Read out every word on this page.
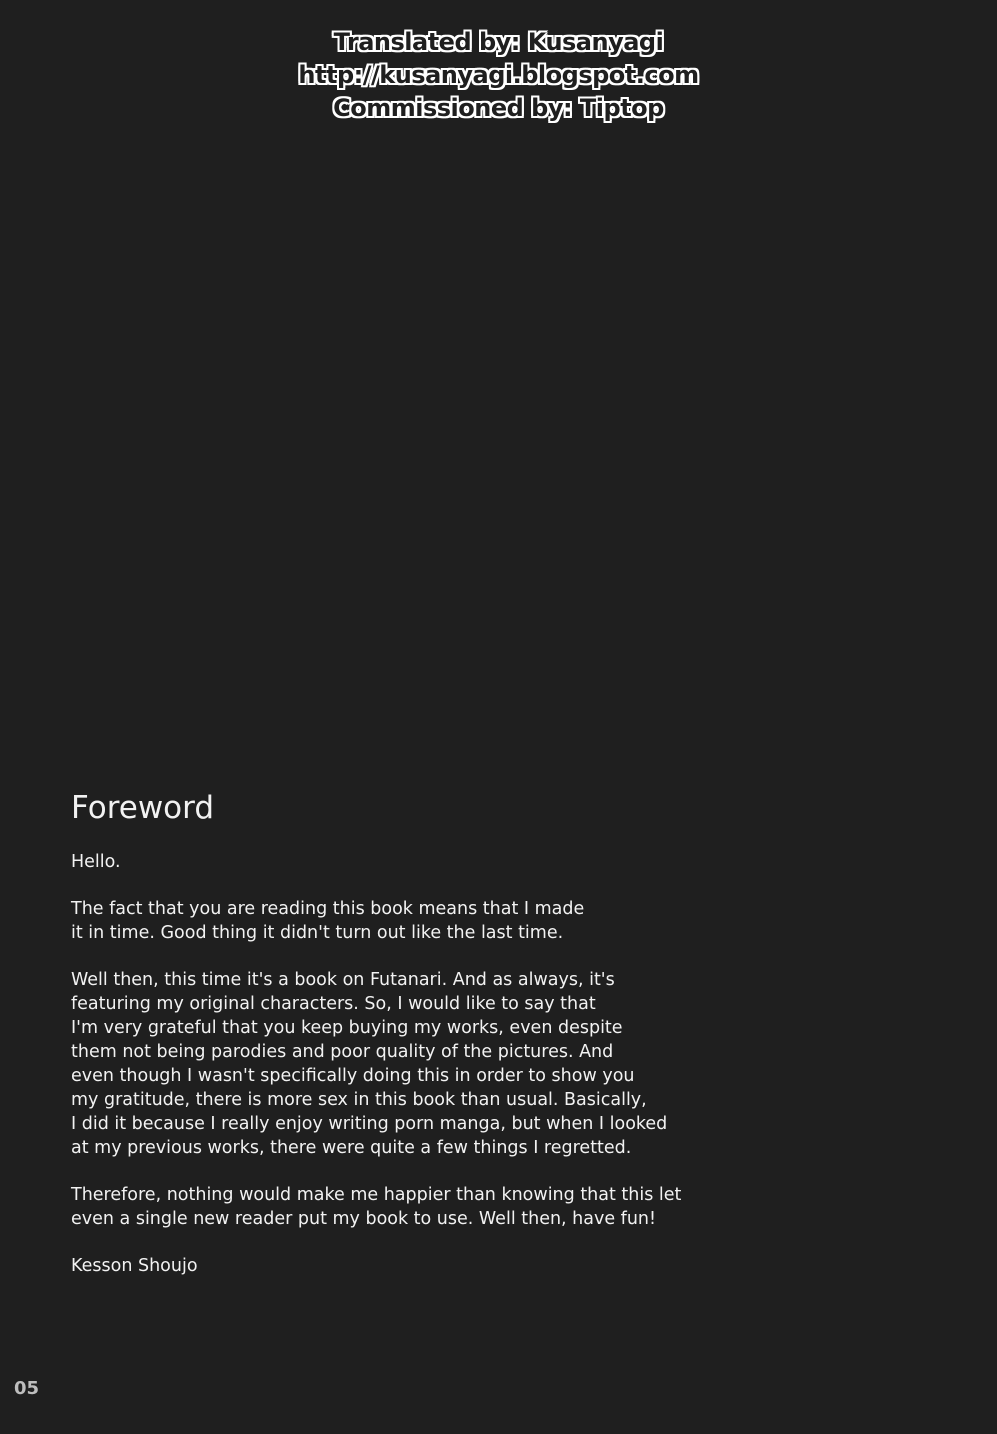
Translated by: Kusanyagi
http://kusanyagi.blogspot.com
Commissioned by: Tiptop
Foreword
Hello.
The fact that you are reading this book means that I made
it in time. Good thing it didn't turn out like the last time.
Well then, this time it's a book on Futanari. And as always, it's
featuring my original characters. So, I would like to say that
I'm very grateful that you keep buying my works, even despite
them not being parodies and poor quality of the pictures. And
even though I wasn't specifically doing this in order to show you
my gratitude, there is more sex in this book than usual. Basically,
I did it because I really enjoy writing porn manga, but when I looked
at my previous works, there were quite a few things I regretted.
Therefore, nothing would make me happier than knowing that this let
even a single new reader put my book to use. Well then, have fun!
Kesson Shoujo
05
